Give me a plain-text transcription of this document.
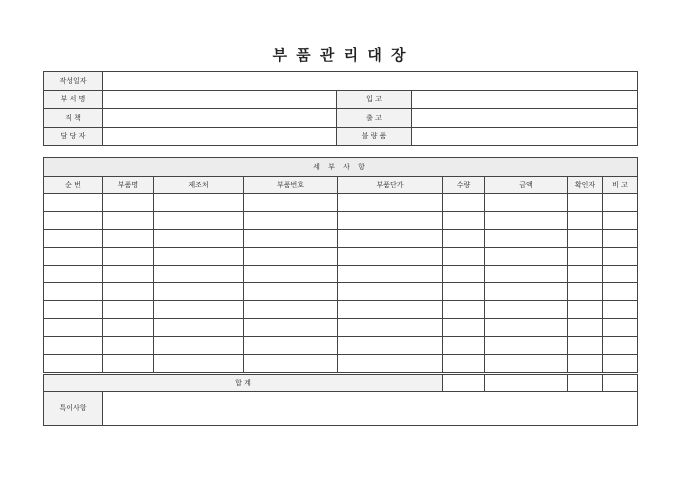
부 품 관 리 대 장
작성일자			
부 서 명		입 고	
직 책		출 고	
담 당 자		불 량 품	
세 부 사 항								
순 번	부품명	제조처	부품번호	부품단가	수량	금액	확인자	비 고

합 계								
특이사항								
